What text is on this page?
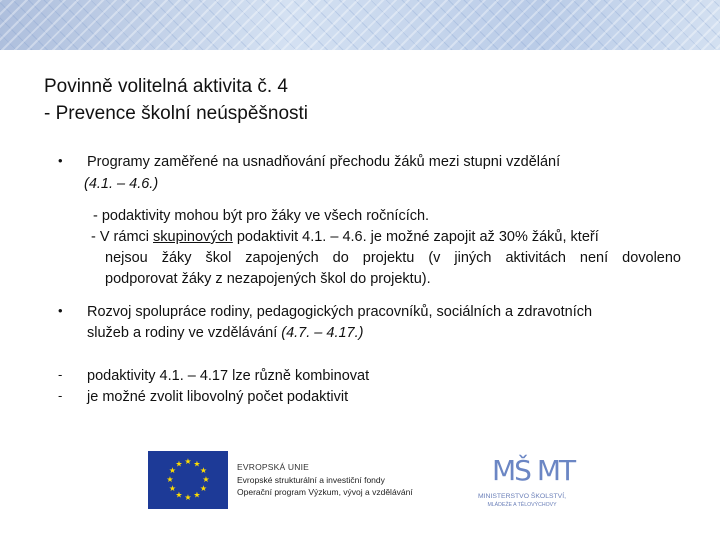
Povinně volitelná aktivita č. 4
- Prevence školní neúspěšnosti
• Programy zaměřené na usnadňování přechodu žáků mezi stupni vzdělání
(4.1. – 4.6.)
- podaktivity mohou být pro žáky ve všech ročnících.
- V rámci skupinových podaktivit 4.1. – 4.6. je možné zapojit až 30% žáků, kteří
nejsou žáky škol zapojených do projektu (v jiných aktivitách není dovoleno
podporovat žáky z nezapojených škol do projektu).
• Rozvoj spolupráce rodiny, pedagogických pracovníků, sociálních a zdravotních
služeb a rodiny ve vzdělávání (4.7. – 4.17.)
- podaktivity 4.1. – 4.17 lze různě kombinovat
- je možné zvolit libovolný počet podaktivit
★ ★
★
★
★
★
★
★
★
★
★
★	EVROPSKÁ UNIE
Evropské strukturální a investiční fondy
Operační program Výzkum, vývoj a vzdělávání
MŠ MT
MINISTERSTVO ŠKOLSTVÍ,
MLÁDEŽE A TĚLOVÝCHOVY
